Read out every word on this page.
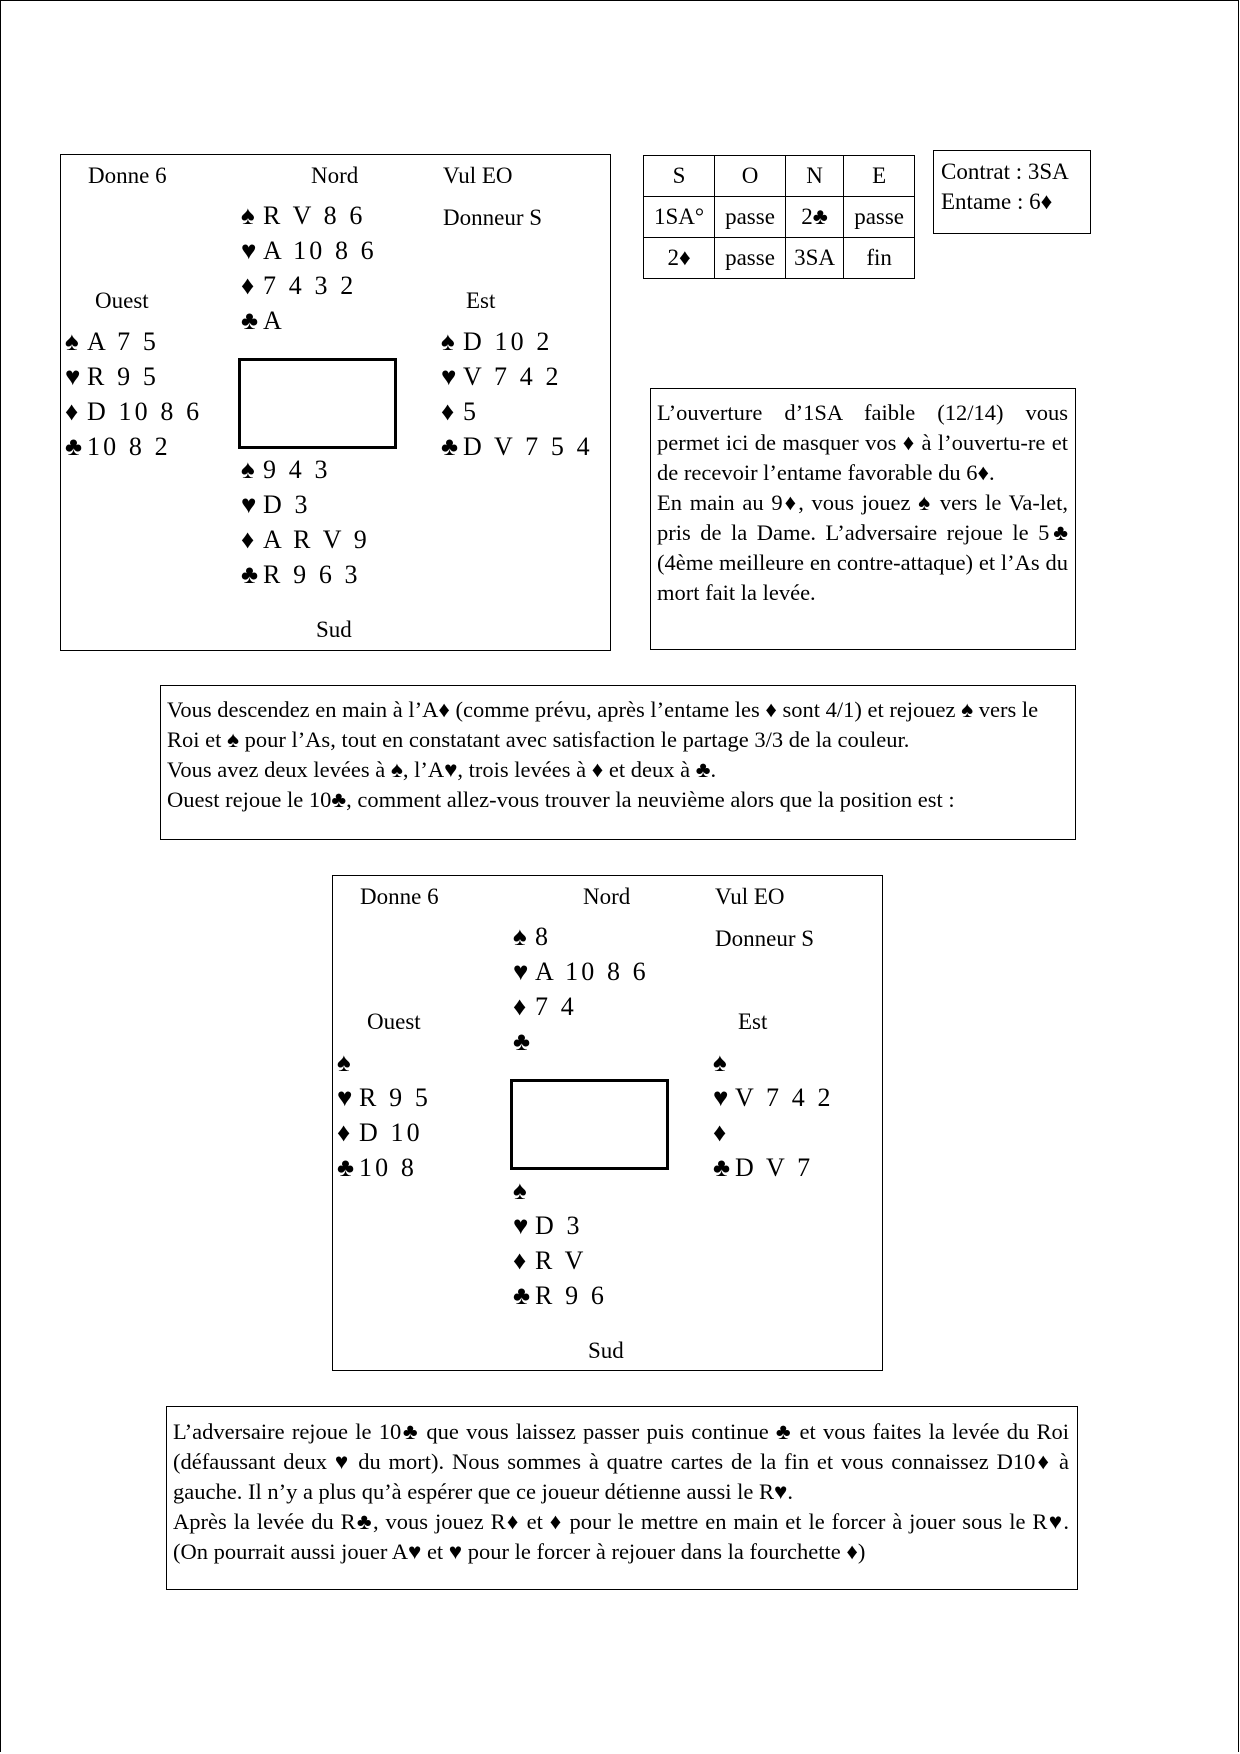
Donne 6	Nord	Vul EO
Donneur S
Ouest	Est
♠ R V 8 6
♥ A 10 8 6
♦ 7 4 3 2
♣ A
♠ A 7 5
♥ R 9 5
♦ D 10 8 6
♣ 10 8 2
♠ D 10 2
♥ V 7 4 2
♦ 5
♣ D V 7 5 4
♠ 9 4 3
♥ D 3
♦ A R V 9
♣ R 9 6 3
Sud
S	O	N	E
1SA°	passe	2♣	passe
2♦	passe	3SA	fin
Contrat : 3SA
Entame : 6♦

L’ouverture d’1SA faible (12/14) vous permet ici de masquer vos ♦ à l’ouvertu-re et de recevoir l’entame favorable du 6♦.

En main au 9♦, vous jouez ♠ vers le Va-let, pris de la Dame. L’adversaire rejoue le 5♣ (4ème meilleure en contre-attaque) et l’As du mort fait la levée.

Vous descendez en main à l’A♦ (comme prévu, après l’entame les ♦ sont 4/1) et rejouez ♠ vers le Roi et ♠ pour l’As, tout en constatant avec satisfaction le partage 3/3 de la couleur.

Vous avez deux levées à ♠, l’A♥, trois levées à ♦ et deux à ♣.

Ouest rejoue le 10♣, comment allez-vous trouver la neuvième alors que la position est :

Donne 6	Nord	Vul EO
Donneur S
Ouest	Est
♠ 8
♥ A 10 8 6
♦ 7 4
♣
♠
♥ R 9 5
♦ D 10
♣ 10 8
♠
♥ V 7 4 2
♦
♣ D V 7
♠
♥ D 3
♦ R V
♣ R 9 6
Sud

L’adversaire rejoue le 10♣ que vous laissez passer puis continue ♣ et vous faites la levée du Roi (défaussant deux ♥ du mort). Nous sommes à quatre cartes de la fin et vous connaissez D10♦ à gauche. Il n’y a plus qu’à espérer que ce joueur détienne aussi le R♥.

Après la levée du R♣, vous jouez R♦ et ♦ pour le mettre en main et le forcer à jouer sous le R♥. (On pourrait aussi jouer A♥ et ♥ pour le forcer à rejouer dans la fourchette ♦)
